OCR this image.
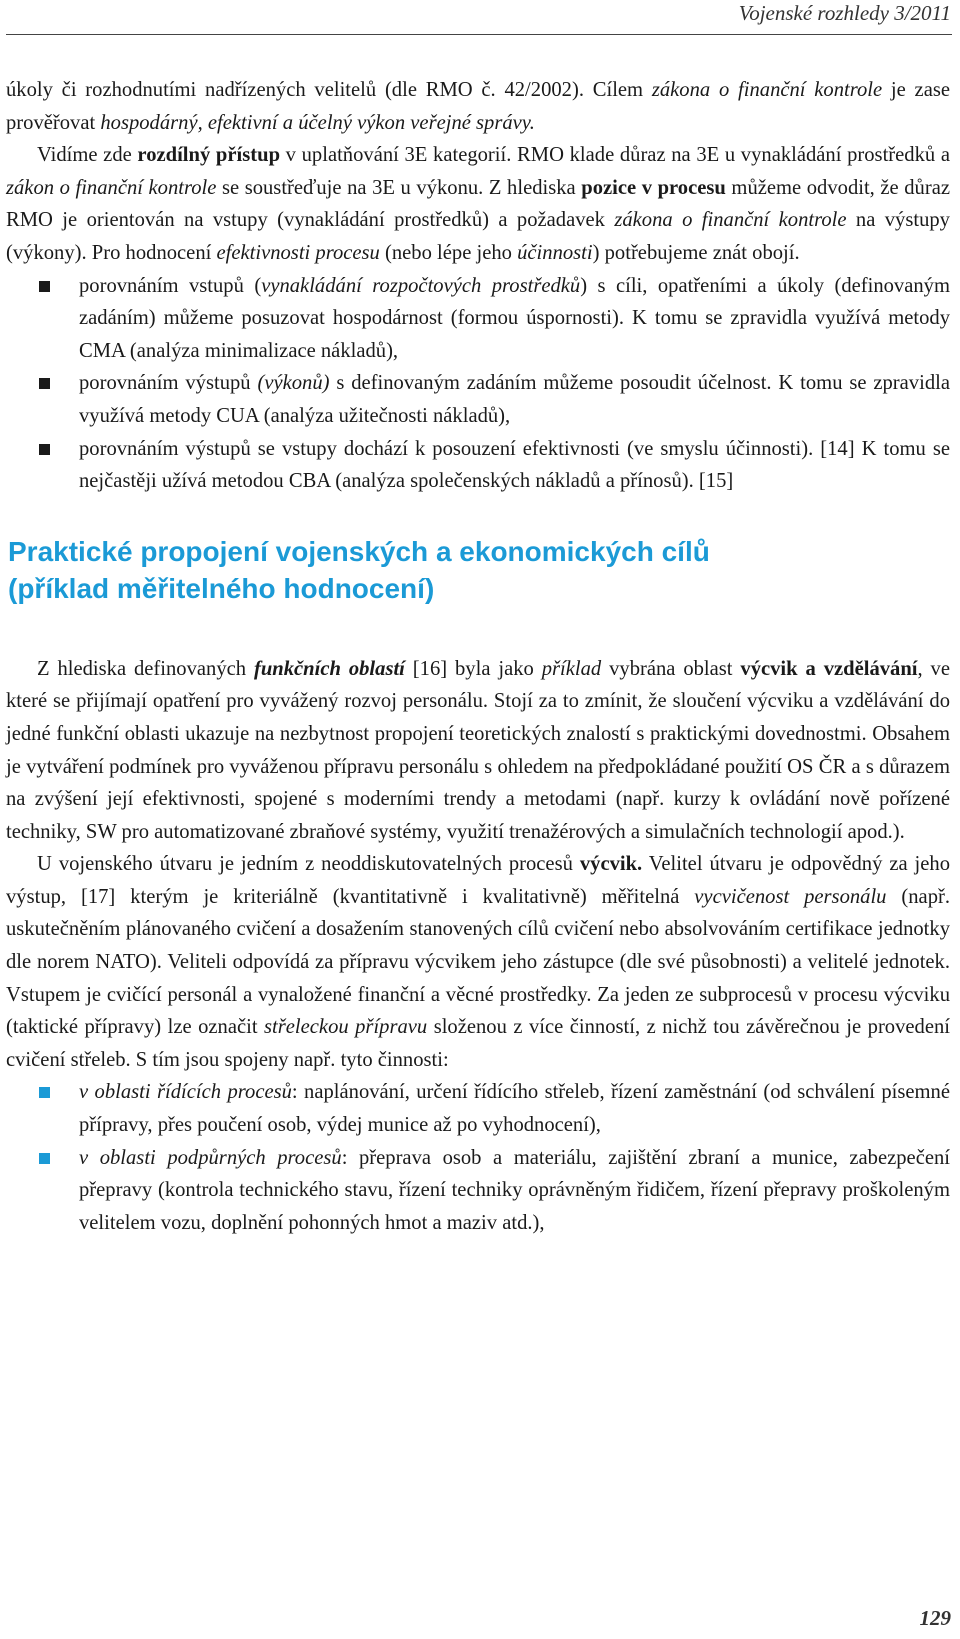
Vojenské rozhledy 3/2011

úkoly či rozhodnutími nadřízených velitelů (dle RMO č. 42/2002). Cílem zákona o finanční kontrole je zase prověřovat hospodárný, efektivní a účelný výkon veřejné správy.

Vidíme zde rozdílný přístup v uplatňování 3E kategorií. RMO klade důraz na 3E u vynakládání prostředků a zákon o finanční kontrole se soustřeďuje na 3E u výkonu. Z hlediska pozice v procesu můžeme odvodit, že důraz RMO je orientován na vstupy (vynakládání prostředků) a požadavek zákona o finanční kontrole na výstupy (výkony). Pro hodnocení efektivnosti procesu (nebo lépe jeho účinnosti) potřebujeme znát obojí.

porovnáním vstupů (vynakládání rozpočtových prostředků) s cíli, opatřeními a úkoly (definovaným zadáním) můžeme posuzovat hospodárnost (formou úspornosti). K tomu se zpravidla využívá metody CMA (analýza minimalizace nákladů),
porovnáním výstupů (výkonů) s definovaným zadáním můžeme posoudit účelnost. K tomu se zpravidla využívá metody CUA (analýza užitečnosti nákladů),
porovnáním výstupů se vstupy dochází k posouzení efektivnosti (ve smyslu účinnosti). [14] K tomu se nejčastěji užívá metodou CBA (analýza společenských nákladů a přínosů). [15]
Praktické propojení vojenských a ekonomických cílů
(příklad měřitelného hodnocení)

Z hlediska definovaných funkčních oblastí [16] byla jako příklad vybrána oblast výcvik a vzdělávání, ve které se přijímají opatření pro vyvážený rozvoj personálu. Stojí za to zmínit, že sloučení výcviku a vzdělávání do jedné funkční oblasti ukazuje na nezbytnost propojení teoretických znalostí s praktickými dovednostmi. Obsahem je vytváření podmínek pro vyváženou přípravu personálu s ohledem na předpokládané použití OS ČR a s důrazem na zvýšení její efektivnosti, spojené s moderními trendy a metodami (např. kurzy k ovládání nově pořízené techniky, SW pro automatizované zbraňové systémy, využití trenažérových a simulačních technologií apod.).

U vojenského útvaru je jedním z neoddiskutovatelných procesů výcvik. Velitel útvaru je odpovědný za jeho výstup, [17] kterým je kriteriálně (kvantitativně i kvalitativně) měřitelná vycvičenost personálu (např. uskutečněním plánovaného cvičení a dosažením stanovených cílů cvičení nebo absolvováním certifikace jednotky dle norem NATO). Veliteli odpovídá za přípravu výcvikem jeho zástupce (dle své působnosti) a velitelé jednotek. Vstupem je cvičící personál a vynaložené finanční a věcné prostředky. Za jeden ze subprocesů v procesu výcviku (taktické přípravy) lze označit střeleckou přípravu složenou z více činností, z nichž tou závěrečnou je provedení cvičení střeleb. S tím jsou spojeny např. tyto činnosti:

v oblasti řídících procesů: naplánování, určení řídícího střeleb, řízení zaměstnání (od schválení písemné přípravy, přes poučení osob, výdej munice až po vyhodnocení),
v oblasti podpůrných procesů: přeprava osob a materiálu, zajištění zbraní a munice, zabezpečení přepravy (kontrola technického stavu, řízení techniky oprávněným řidičem, řízení přepravy proškoleným velitelem vozu, doplnění pohonných hmot a maziv atd.),
129
